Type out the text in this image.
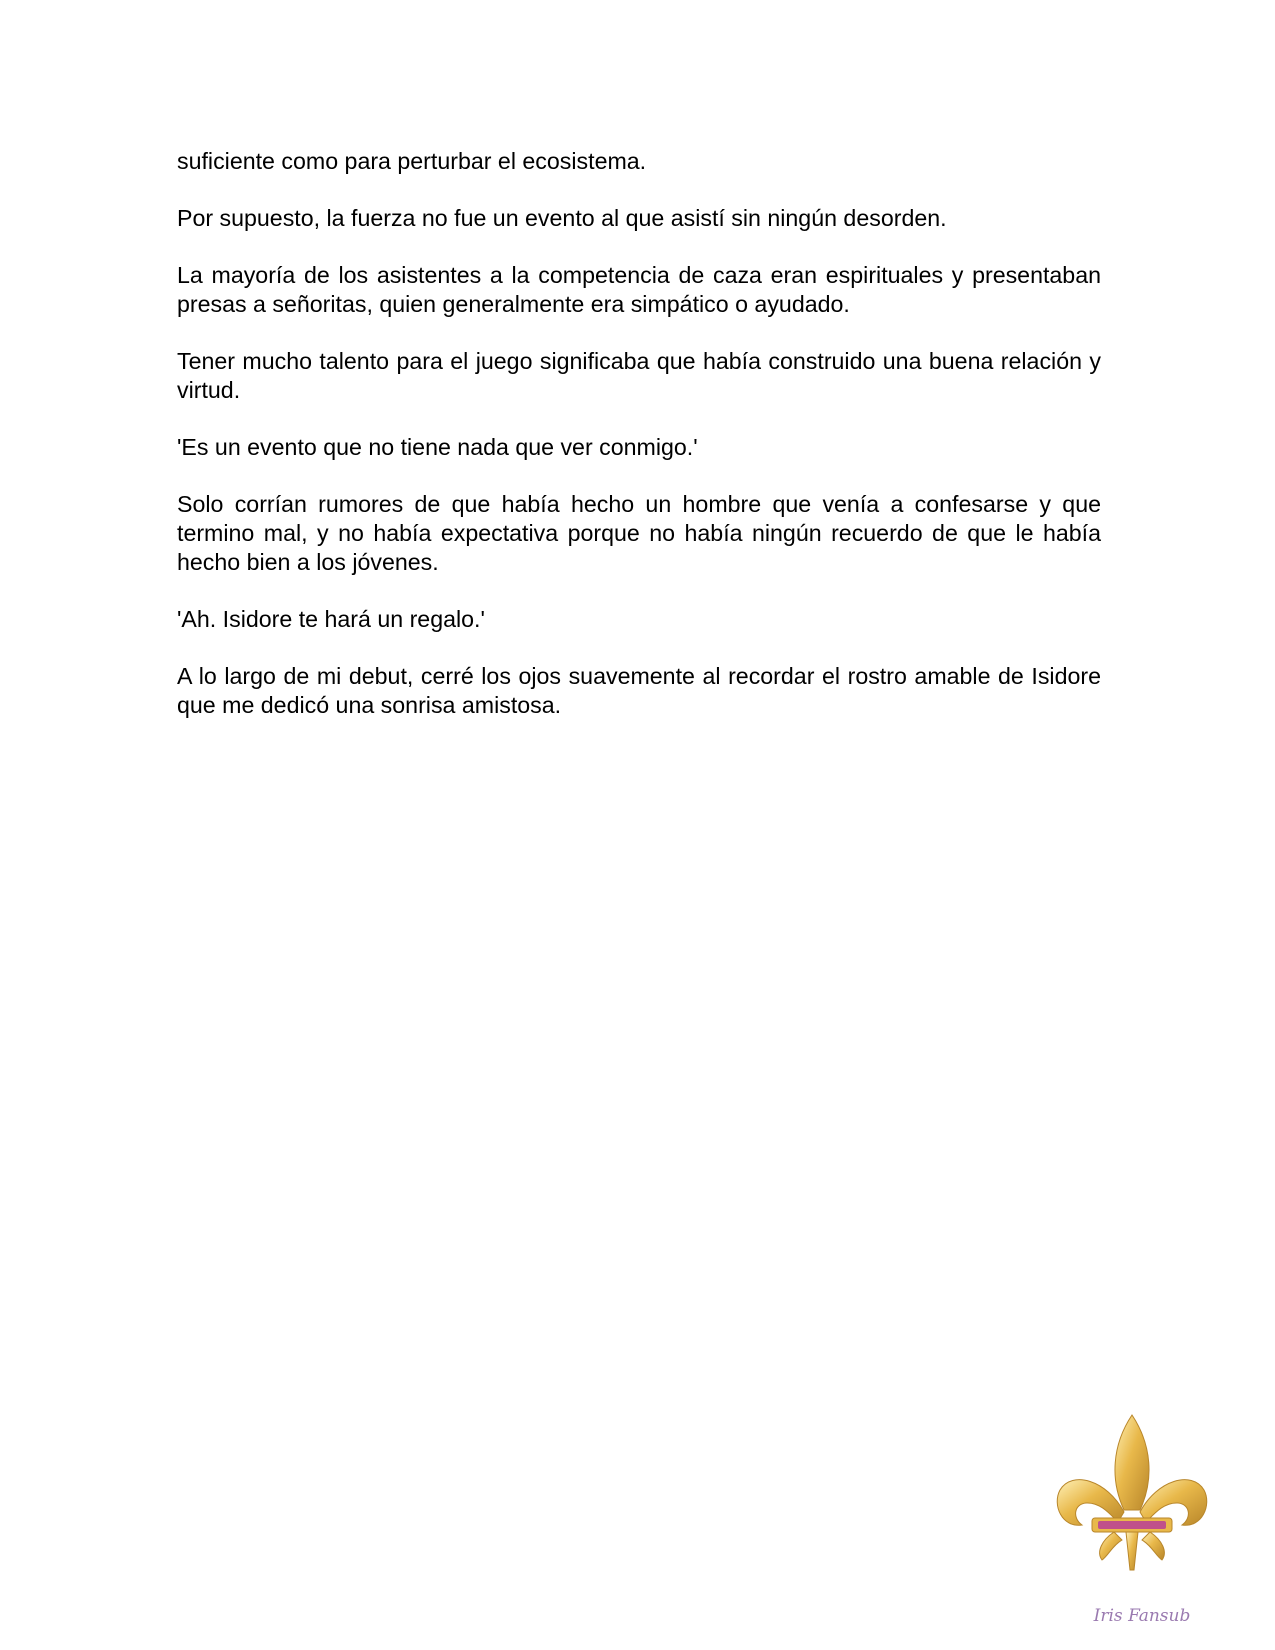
suficiente como para perturbar el ecosistema.

Por supuesto, la fuerza no fue un evento al que asistí sin ningún desorden.

La mayoría de los asistentes a la competencia de caza eran espirituales y presentaban presas a señoritas, quien generalmente era simpático o ayudado.

Tener mucho talento para el juego significaba que había construido una buena relación y virtud.

'Es un evento que no tiene nada que ver conmigo.'

Solo corrían rumores de que había hecho un hombre que venía a confesarse y que termino mal, y no había expectativa porque no había ningún recuerdo de que le había hecho bien a los jóvenes.

'Ah. Isidore te hará un regalo.'

A lo largo de mi debut, cerré los ojos suavemente al recordar el rostro amable de Isidore que me dedicó una sonrisa amistosa.

Iris Fansub
